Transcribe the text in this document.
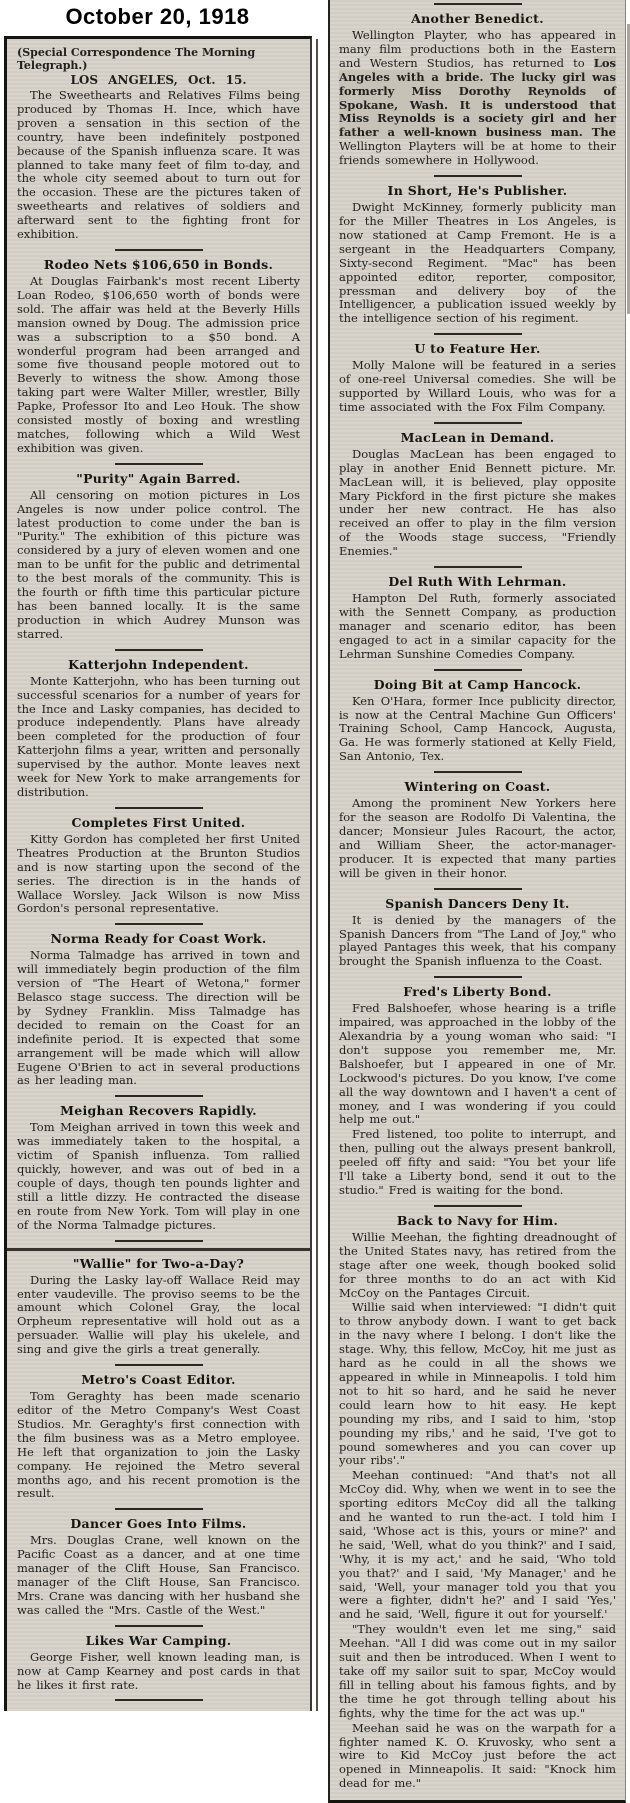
October 20, 1918
(Special Correspondence The Morning Telegraph.)
LOS ANGELES, Oct. 15.

The Sweethearts and Relatives Films being produced by Thomas H. Ince, which have proven a sensation in this section of the country, have been indefinitely postponed because of the Spanish influenza scare. It was planned to take many feet of film to-day, and the whole city seemed about to turn out for the occasion. These are the pictures taken of sweethearts and relatives of soldiers and afterward sent to the fighting front for exhibition.

Rodeo Nets $106,650 in Bonds.

At Douglas Fairbank's most recent Liberty Loan Rodeo, $106,650 worth of bonds were sold. The affair was held at the Beverly Hills mansion owned by Doug. The admission price was a subscription to a $50 bond. A wonderful program had been arranged and some five thousand people motored out to Beverly to witness the show. Among those taking part were Walter Miller, wrestler, Billy Papke, Professor Ito and Leo Houk. The show consisted mostly of boxing and wrestling matches, following which a Wild West exhibition was given.

"Purity" Again Barred.

All censoring on motion pictures in Los Angeles is now under police control. The latest production to come under the ban is "Purity." The exhibition of this picture was considered by a jury of eleven women and one man to be unfit for the public and detrimental to the best morals of the community. This is the fourth or fifth time this particular picture has been banned locally. It is the same production in which Audrey Munson was starred.

Katterjohn Independent.

Monte Katterjohn, who has been turning out successful scenarios for a number of years for the Ince and Lasky companies, has decided to produce independently. Plans have already been completed for the production of four Katterjohn films a year, written and personally supervised by the author. Monte leaves next week for New York to make arrangements for distribution.

Completes First United.

Kitty Gordon has completed her first United Theatres Production at the Brunton Studios and is now starting upon the second of the series. The direction is in the hands of Wallace Worsley. Jack Wilson is now Miss Gordon's personal representative.

Norma Ready for Coast Work.

Norma Talmadge has arrived in town and will immediately begin production of the film version of "The Heart of Wetona," former Belasco stage success. The direction will be by Sydney Franklin. Miss Talmadge has decided to remain on the Coast for an indefinite period. It is expected that some arrangement will be made which will allow Eugene O'Brien to act in several productions as her leading man.

Meighan Recovers Rapidly.

Tom Meighan arrived in town this week and was immediately taken to the hospital, a victim of Spanish influenza. Tom rallied quickly, however, and was out of bed in a couple of days, though ten pounds lighter and still a little dizzy. He contracted the disease en route from New York. Tom will play in one of the Norma Talmadge pictures.

"Wallie" for Two-a-Day?

During the Lasky lay-off Wallace Reid may enter vaudeville. The proviso seems to be the amount which Colonel Gray, the local Orpheum representative will hold out as a persuader. Wallie will play his ukelele, and sing and give the girls a treat generally.

Metro's Coast Editor.

Tom Geraghty has been made scenario editor of the Metro Company's West Coast Studios. Mr. Geraghty's first connection with the film business was as a Metro employee. He left that organization to join the Lasky company. He rejoined the Metro several months ago, and his recent promotion is the result.

Dancer Goes Into Films.

Mrs. Douglas Crane, well known on the Pacific Coast as a dancer, and at one time manager of the Clift House, San Francisco. manager of the Clift House, San Francisco. Mrs. Crane was dancing with her husband she was called the "Mrs. Castle of the West."

Likes War Camping.

George Fisher, well known leading man, is now at Camp Kearney and post cards in that he likes it first rate.

Another Benedict.

Wellington Playter, who has appeared in many film productions both in the Eastern and Western Studios, has returned to Los Angeles with a bride. The lucky girl was formerly Miss Dorothy Reynolds of Spokane, Wash. It is understood that Miss Reynolds is a society girl and her father a well-known business man. The Wellington Playters will be at home to their friends somewhere in Hollywood.

In Short, He's Publisher.

Dwight McKinney, formerly publicity man for the Miller Theatres in Los Angeles, is now stationed at Camp Fremont. He is a sergeant in the Headquarters Company, Sixty-second Regiment. "Mac" has been appointed editor, reporter, compositor, pressman and delivery boy of the Intelligencer, a publication issued weekly by the intelligence section of his regiment.

U to Feature Her.

Molly Malone will be featured in a series of one-reel Universal comedies. She will be supported by Willard Louis, who was for a time associated with the Fox Film Company.

MacLean in Demand.

Douglas MacLean has been engaged to play in another Enid Bennett picture. Mr. MacLean will, it is believed, play opposite Mary Pickford in the first picture she makes under her new contract. He has also received an offer to play in the film version of the Woods stage success, "Friendly Enemies."

Del Ruth With Lehrman.

Hampton Del Ruth, formerly associated with the Sennett Company, as production manager and scenario editor, has been engaged to act in a similar capacity for the Lehrman Sunshine Comedies Company.

Doing Bit at Camp Hancock.

Ken O'Hara, former Ince publicity director, is now at the Central Machine Gun Officers' Training School, Camp Hancock, Augusta, Ga. He was formerly stationed at Kelly Field, San Antonio, Tex.

Wintering on Coast.

Among the prominent New Yorkers here for the season are Rodolfo Di Valentina, the dancer; Monsieur Jules Racourt, the actor, and William Sheer, the actor-manager-producer. It is expected that many parties will be given in their honor.

Spanish Dancers Deny It.

It is denied by the managers of the Spanish Dancers from "The Land of Joy," who played Pantages this week, that his company brought the Spanish influenza to the Coast.

Fred's Liberty Bond.

Fred Balshoefer, whose hearing is a trifle impaired, was approached in the lobby of the Alexandria by a young woman who said: "I don't suppose you remember me, Mr. Balshoefer, but I appeared in one of Mr. Lockwood's pictures. Do you know, I've come all the way downtown and I haven't a cent of money, and I was wondering if you could help me out."

Fred listened, too polite to interrupt, and then, pulling out the always present bankroll, peeled off fifty and said: "You bet your life I'll take a Liberty bond, send it out to the studio." Fred is waiting for the bond.

Back to Navy for Him.

Willie Meehan, the fighting dreadnought of the United States navy, has retired from the stage after one week, though booked solid for three months to do an act with Kid McCoy on the Pantages Circuit.

Willie said when interviewed: "I didn't quit to throw anybody down. I want to get back in the navy where I belong. I don't like the stage. Why, this fellow, McCoy, hit me just as hard as he could in all the shows we appeared in while in Minneapolis. I told him not to hit so hard, and he said he never could learn how to hit easy. He kept pounding my ribs, and I said to him, 'stop pounding my ribs,' and he said, 'I've got to pound somewheres and you can cover up your ribs'."

Meehan continued: "And that's not all McCoy did. Why, when we went in to see the sporting editors McCoy did all the talking and he wanted to run the-act. I told him I said, 'Whose act is this, yours or mine?' and he said, 'Well, what do you think?' and I said, 'Why, it is my act,' and he said, 'Who told you that?' and I said, 'My Manager,' and he said, 'Well, your manager told you that you were a fighter, didn't he?' and I said 'Yes,' and he said, 'Well, figure it out for yourself.'

"They wouldn't even let me sing," said Meehan. "All I did was come out in my sailor suit and then be introduced. When I went to take off my sailor suit to spar, McCoy would fill in telling about his famous fights, and by the time he got through telling about his fights, why the time for the act was up."

Meehan said he was on the warpath for a fighter named K. O. Kruvosky, who sent a wire to Kid McCoy just before the act opened in Minneapolis. It said: "Knock him dead for me."
